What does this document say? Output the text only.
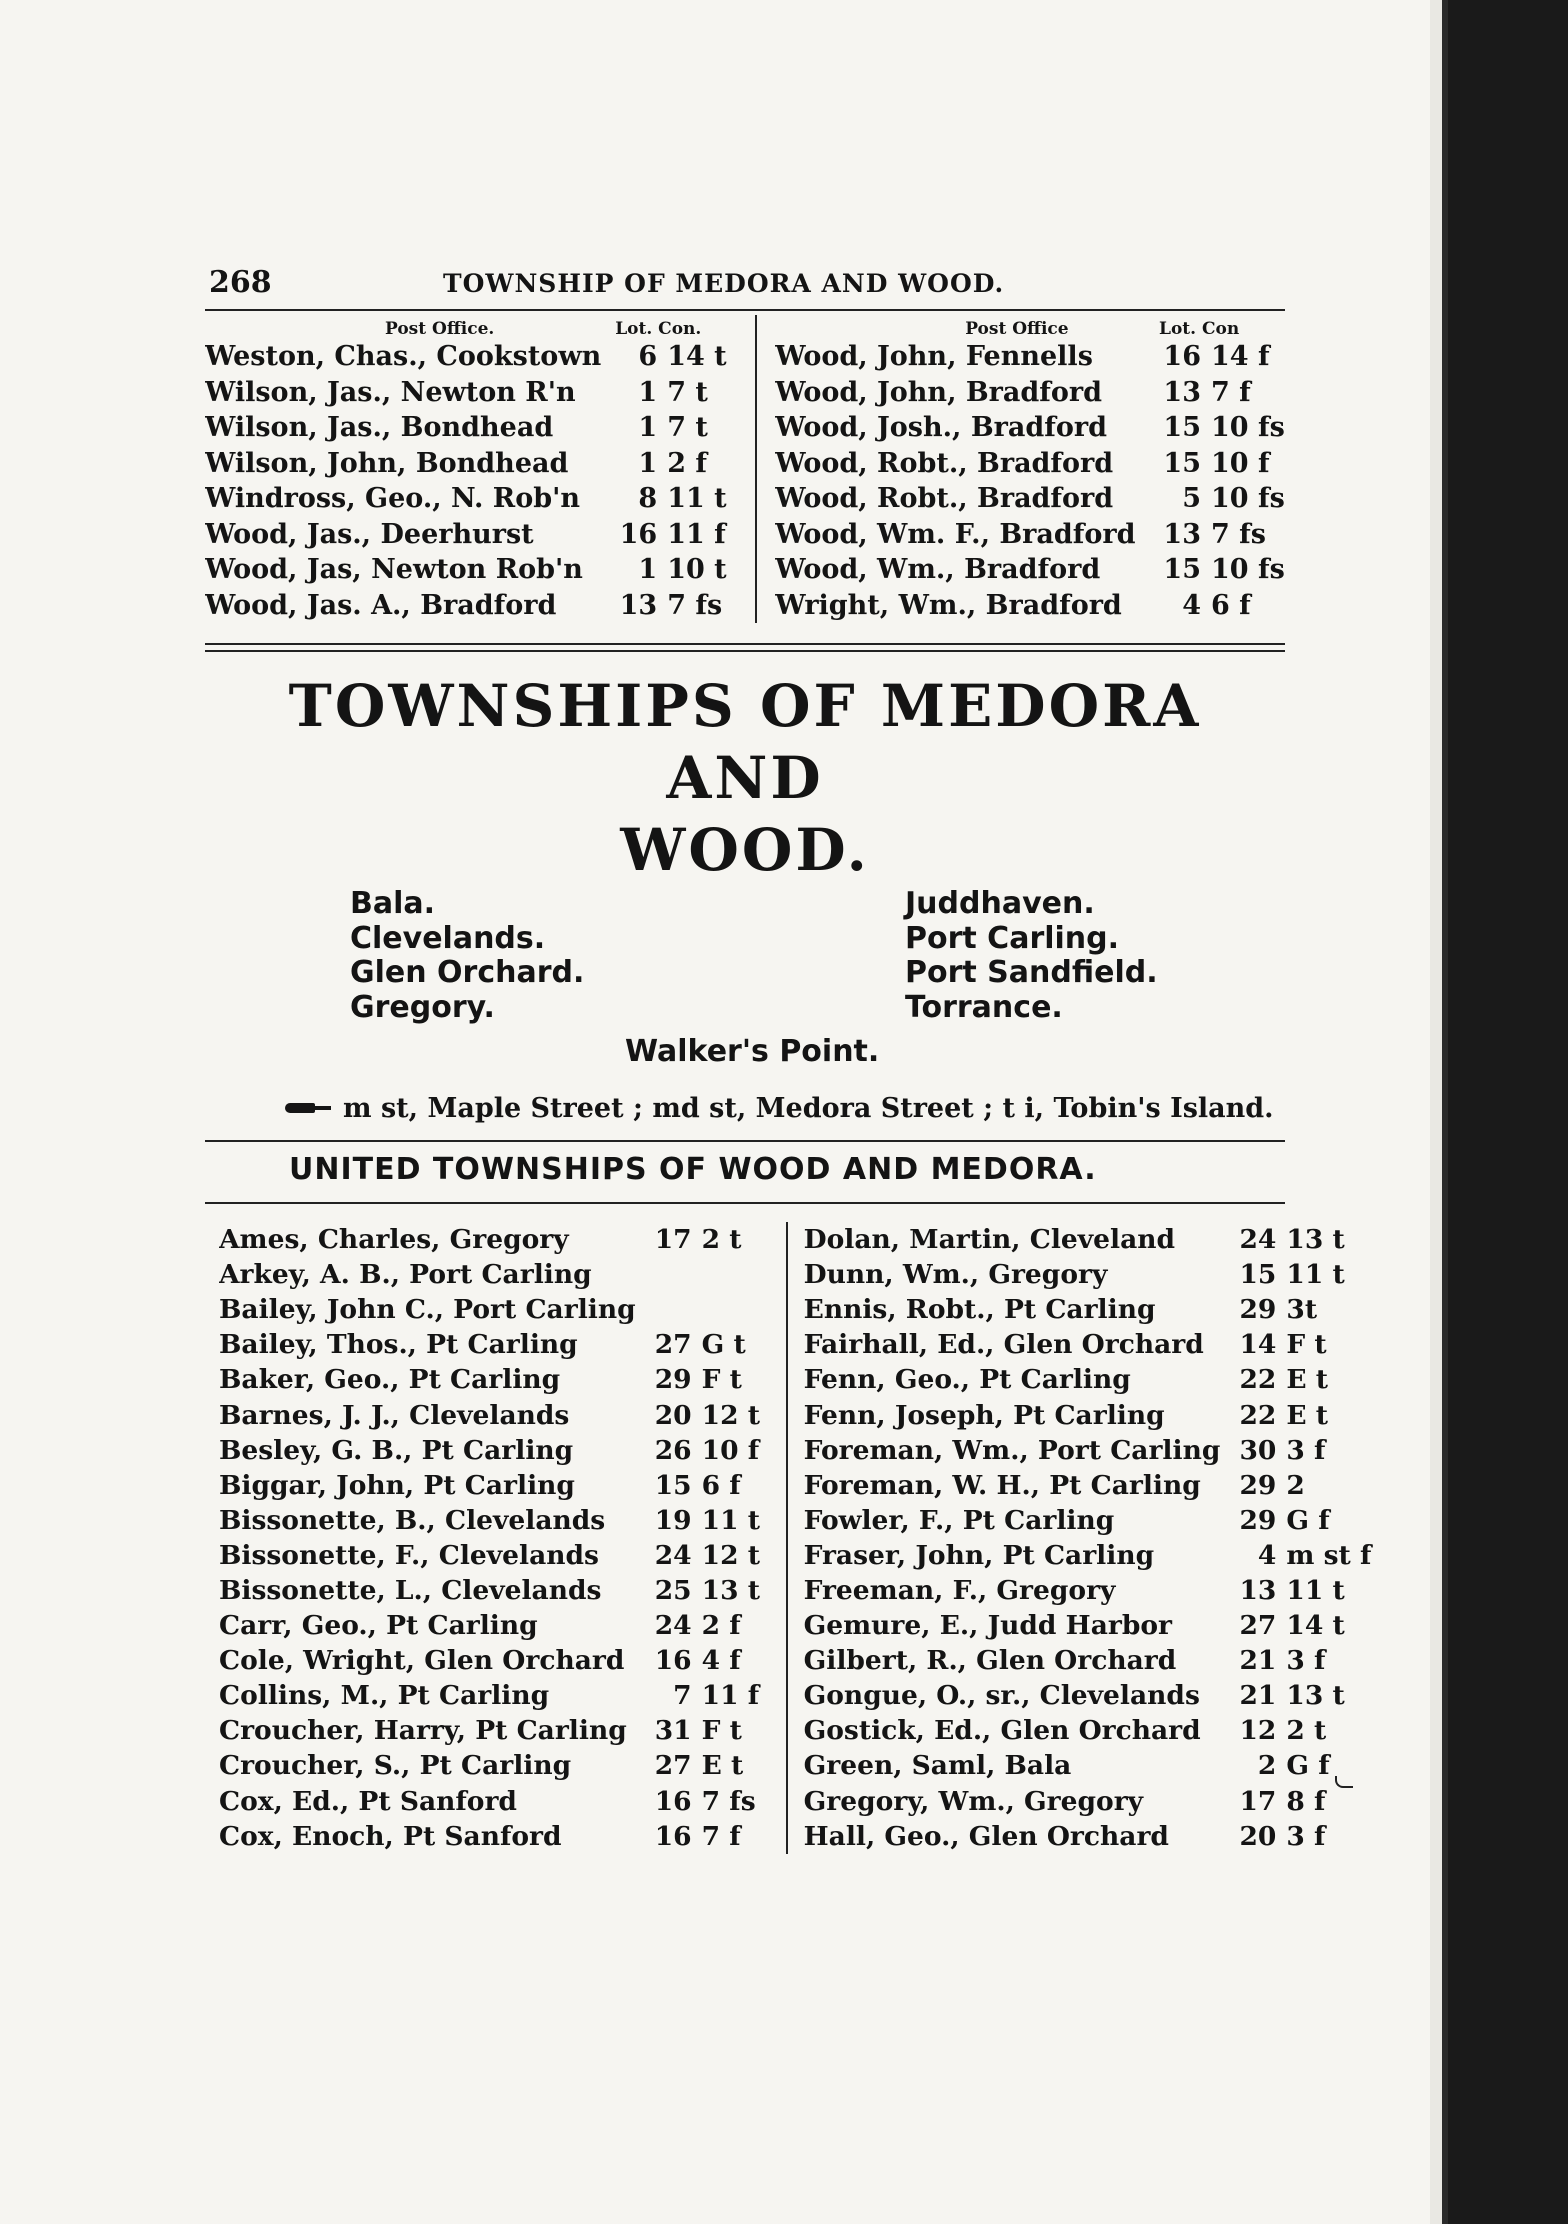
268	TOWNSHIP OF MEDORA AND WOOD.
Post Office.	Lot. Con.
Weston, Chas., Cookstown	6 14 t
Wilson, Jas., Newton R'n	1 7 t
Wilson, Jas., Bondhead	1 7 t
Wilson, John, Bondhead	1 2 f
Windross, Geo., N. Rob'n	8 11 t
Wood, Jas., Deerhurst	16 11 f
Wood, Jas, Newton Rob'n	1 10 t
Wood, Jas. A., Bradford	13 7 fs
Post Office	Lot. Con
Wood, John, Fennells	16 14 f
Wood, John, Bradford	13 7 f
Wood, Josh., Bradford	15 10 fs
Wood, Robt., Bradford	15 10 f
Wood, Robt., Bradford	5 10 fs
Wood, Wm. F., Bradford	13 7 fs
Wood, Wm., Bradford	15 10 fs
Wright, Wm., Bradford	4 6 f
TOWNSHIPS OF MEDORA AND
WOOD.
Bala.
Clevelands.
Glen Orchard.
Gregory.
Juddhaven.
Port Carling.
Port Sandfield.
Torrance.
Walker's Point.
m st, Maple Street ; md st, Medora Street ; t i, Tobin's Island.
UNITED TOWNSHIPS OF WOOD AND MEDORA.
Ames, Charles, Gregory	17 2 t
Arkey, A. B., Port Carling
Bailey, John C., Port Carling
Bailey, Thos., Pt Carling	27 G t
Baker, Geo., Pt Carling	29 F t
Barnes, J. J., Clevelands	20 12 t
Besley, G. B., Pt Carling	26 10 f
Biggar, John, Pt Carling	15 6 f
Bissonette, B., Clevelands	19 11 t
Bissonette, F., Clevelands	24 12 t
Bissonette, L., Clevelands	25 13 t
Carr, Geo., Pt Carling	24 2 f
Cole, Wright, Glen Orchard	16 4 f
Collins, M., Pt Carling	7 11 f
Croucher, Harry, Pt Carling	31 F t
Croucher, S., Pt Carling	27 E t
Cox, Ed., Pt Sanford	16 7 fs
Cox, Enoch, Pt Sanford	16 7 f
Dolan, Martin, Cleveland	24 13 t
Dunn, Wm., Gregory	15 11 t
Ennis, Robt., Pt Carling	29 3t
Fairhall, Ed., Glen Orchard	14 F t
Fenn, Geo., Pt Carling	22 E t
Fenn, Joseph, Pt Carling	22 E t
Foreman, Wm., Port Carling 30 3 f
Foreman, W. H., Pt Carling	29 2
Fowler, F., Pt Carling	29 G f
Fraser, John, Pt Carling	4 m st f
Freeman, F., Gregory	13 11 t
Gemure, E., Judd Harbor	27 14 t
Gilbert, R., Glen Orchard	21 3 f
Gongue, O., sr., Clevelands	21 13 t
Gostick, Ed., Glen Orchard	12 2 t
Green, Saml, Bala	2 G f
Gregory, Wm., Gregory	17 8 f
Hall, Geo., Glen Orchard	20 3 f
